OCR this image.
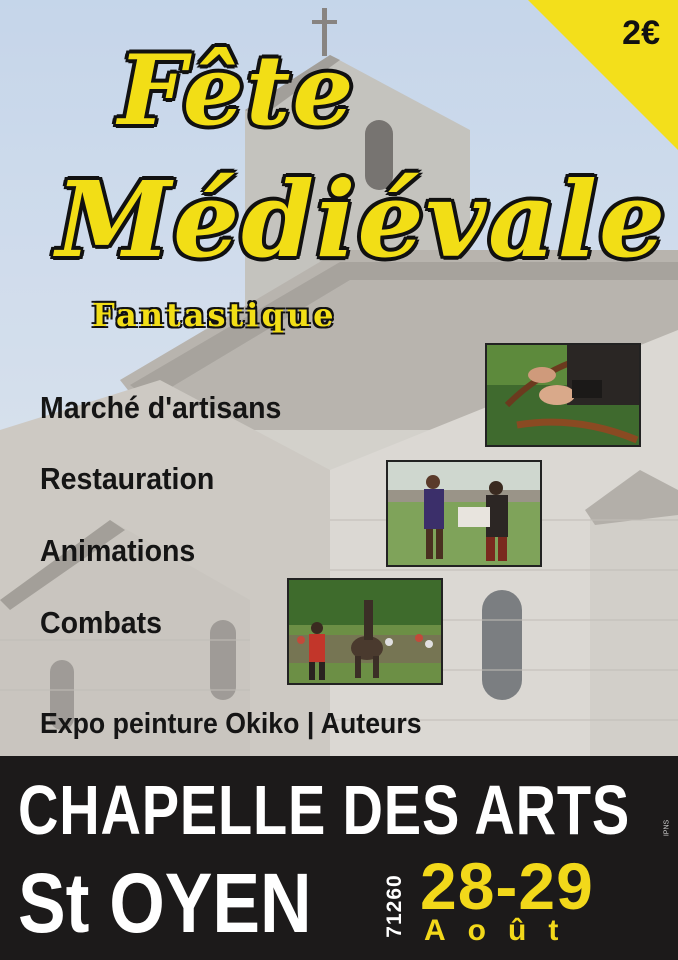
2€
Fête
Médiévale
Fantastique
Marché d'artisans
Restauration
Animations
Combats
Expo peinture Okiko | Auteurs
CHAPELLE DES ARTS
St OYEN	71260 28-29
Août
IPNS
